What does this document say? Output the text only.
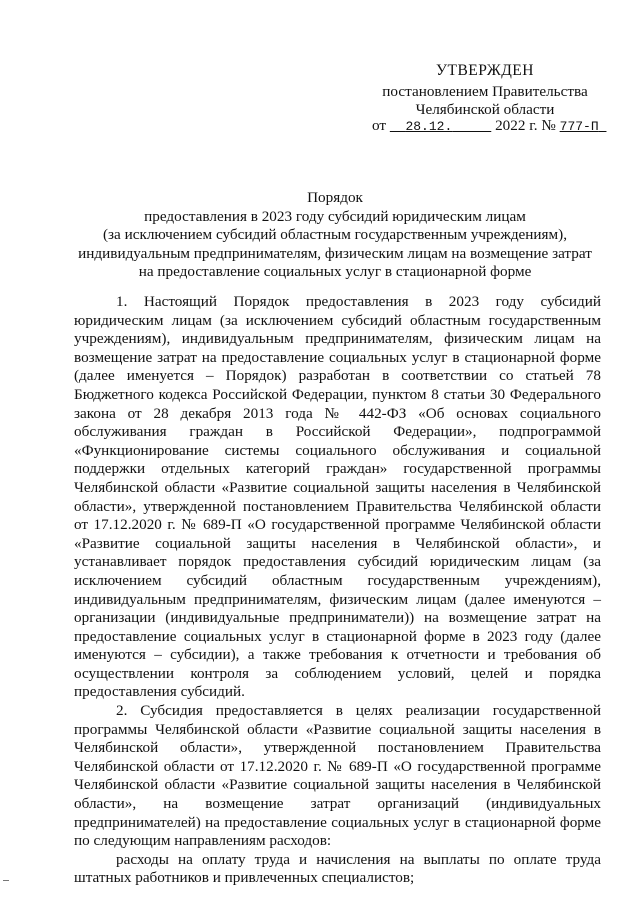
УТВЕРЖДЕН
постановлением Правительства
Челябинской области
от 28.12.	2022 г. № 777-П
Порядок
предоставления в 2023 году субсидий юридическим лицам
(за исключением субсидий областным государственным учреждениям),
индивидуальным предпринимателям, физическим лицам на возмещение затрат
на предоставление социальных услуг в стационарной форме

1. Настоящий Порядок предоставления в 2023 году субсидий юридическим лицам (за исключением субсидий областным государственным учреждениям), индивидуальным предпринимателям, физическим лицам на возмещение затрат на предоставление социальных услуг в стационарной форме (далее именуется – Порядок) разработан в соответствии со статьей 78 Бюджетного кодекса Российской Федерации, пунктом 8 статьи 30 Федерального закона от 28 декабря 2013 года № 442-ФЗ «Об основах социального обслуживания граждан в Российской Федерации», подпрограммой «Функционирование системы социального обслуживания и социальной поддержки отдельных категорий граждан» государственной программы Челябинской области «Развитие социальной защиты населения в Челябинской области», утвержденной постановлением Правительства Челябинской области от 17.12.2020 г. № 689-П «О государственной программе Челябинской области «Развитие социальной защиты населения в Челябинской области», и устанавливает порядок предоставления субсидий юридическим лицам (за исключением субсидий областным государственным учреждениям), индивидуальным предпринимателям, физическим лицам (далее именуются – организации (индивидуальные предприниматели)) на возмещение затрат на предоставление социальных услуг в стационарной форме в 2023 году (далее именуются – субсидии), а также требования к отчетности и требования об осуществлении контроля за соблюдением условий, целей и порядка предоставления субсидий.

2. Субсидия предоставляется в целях реализации государственной программы Челябинской области «Развитие социальной защиты населения в Челябинской области», утвержденной постановлением Правительства Челябинской области от 17.12.2020 г. № 689-П «О государственной программе Челябинской области «Развитие социальной защиты населения в Челябинской области», на возмещение затрат организаций (индивидуальных предпринимателей) на предоставление социальных услуг в стационарной форме по следующим направлениям расходов:

расходы на оплату труда и начисления на выплаты по оплате труда штатных работников и привлеченных специалистов;
